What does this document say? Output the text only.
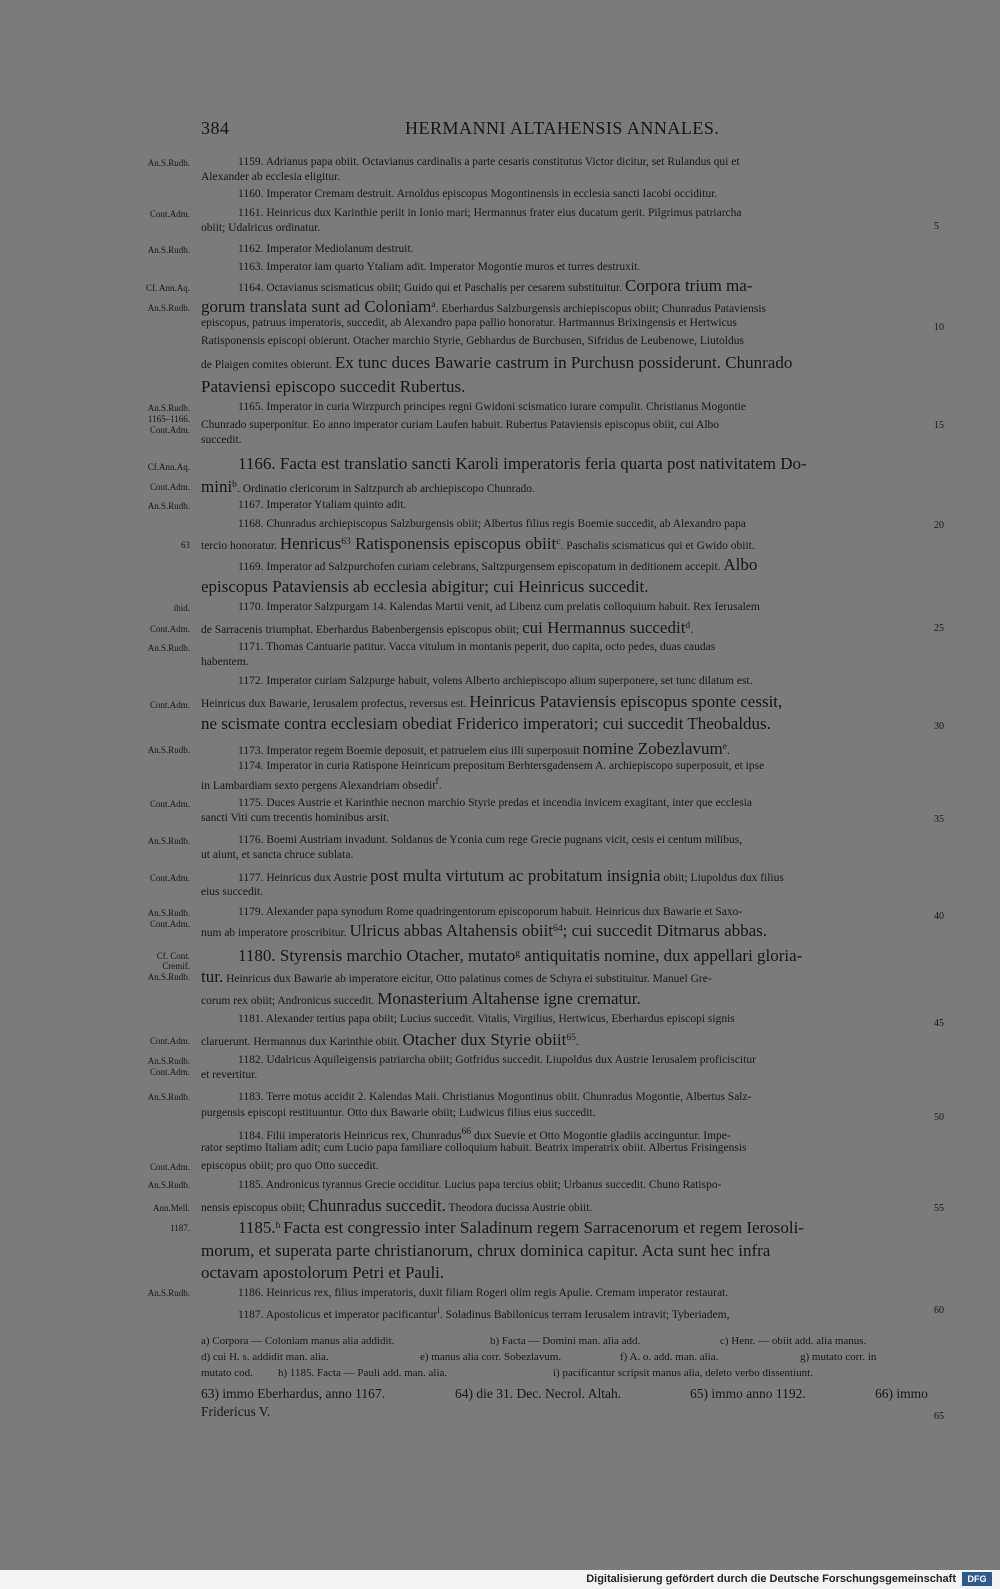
384	HERMANNI ALTAHENSIS ANNALES.
An.S.Rudb.
Cont.Adm.
An.S.Rudb.
Cf. Ann.Aq.
An.S.Rudb.
An.S.Rudb.
1165–1166.
Cont.Adm.
Cf.Ann.Aq.
Cont.Adm.
An.S.Rudb.
63
ibid.
Cont.Adm.
An.S.Rudb.
Cont.Adm.
An.S.Rudb.
Cont.Adm.
An.S.Rudb.
Cont.Adm.
An.S.Rudb.
Cont.Adm.
Cf. Cont.
Cremif.
An.S.Rudb.
Cont.Adm.
An.S.Rudb.
Cont.Adm.
An.S.Rudb.
Cont.Adm.
An.S.Rudb.
Ann.Mell.
1187.
An.S.Rudb.
5
10
15
20
25
30
35
40
45
50
55
60
65
1159. Adrianus papa obiit. Octavianus cardinalis a parte cesaris constitutus Victor dicitur, set Rulandus qui et
Alexander ab ecclesia eligitur.
1160. Imperator Cremam destruit. Arnoldus episcopus Mogontinensis in ecclesia sancti Iacobi occiditur.
1161. Heinricus dux Karinthie periit in Ionio mari; Hermannus frater eius ducatum gerit. Pilgrimus patriarcha
obiit; Udalricus ordinatur.
1162. Imperator Mediolanum destruit.
1163. Imperator iam quarto Ytaliam adit. Imperator Mogontie muros et turres destruxit.
1164. Octavianus scismaticus obiit; Guido qui et Paschalis per cesarem substituitur. Corpora trium ma-
gorum translata sunt ad Coloniam$^a$. Eberhardus Salzburgensis archiepiscopus obiit; Chunradus Pataviensis
episcopus, patruus imperatoris, succedit, ab Alexandro papa pallio honoratur. Hartmannus Brixingensis et Hertwicus
Ratisponensis episcopi obierunt. Otacher marchio Styrie, Gebhardus de Burchusen, Sifridus de Leubenowe, Liutoldus
de Plaigen comites obierunt. Ex tunc duces Bawarie castrum in Purchusn possiderunt. Chunrado
Pataviensi episcopo succedit Rubertus.
1165. Imperator in curia Wirzpurch principes regni Gwidoni scismatico iurare compulit. Christianus Mogontie
Chunrado superponitur. Eo anno imperator curiam Laufen habuit. Rubertus Pataviensis episcopus obiit, cui Albo
succedit.
1166. Facta est translatio sancti Karoli imperatoris feria quarta post nativitatem Do-
mini$^b$. Ordinatio clericorum in Saltzpurch ab archiepiscopo Chunrado.
1167. Imperator Ytaliam quinto adit.
1168. Chunradus archiepiscopus Salzburgensis obiit; Albertus filius regis Boemie succedit, ab Alexandro papa
tercio honoratur. Henricus$^{63}$ Ratisponensis episcopus obiit$^c$. Paschalis scismaticus qui et Gwido obiit.
1169. Imperator ad Salzpurchofen curiam celebrans, Saltzpurgensem episcopatum in deditionem accepit. Albo
episcopus Pataviensis ab ecclesia abigitur; cui Heinricus succedit.
1170. Imperator Salzpurgam 14. Kalendas Martii venit, ad Libenz cum prelatis colloquium habuit. Rex Ierusalem
de Sarracenis triumphat. Eberhardus Babenbergensis episcopus obiit; cui Hermannus succedit$^d$.
1171. Thomas Cantuarie patitur. Vacca vitulum in montanis peperit, duo capita, octo pedes, duas caudas
habentem.
1172. Imperator curiam Salzpurge habuit, volens Alberto archiepiscopo alium superponere, set tunc dilatum est.
Heinricus dux Bawarie, Ierusalem profectus, reversus est. Heinricus Pataviensis episcopus sponte cessit,
ne scismate contra ecclesiam obediat Friderico imperatori; cui succedit Theobaldus.
1173. Imperator regem Boemie deposuit, et patruelem eius illi superposuit nomine Zobezlavum$^e$.
1174. Imperator in curia Ratispone Heinricum prepositum Berhtersgadensem A. archiepiscopo superposuit, et ipse
in Lambardiam sexto pergens Alexandriam obsedit$^f$.
1175. Duces Austrie et Karinthie necnon marchio Styrie predas et incendia invicem exagitant, inter que ecclesia
sancti Viti cum trecentis hominibus arsit.
1176. Boemi Austriam invadunt. Soldanus de Yconia cum rege Grecie pugnans vicit, cesis ei centum milibus,
ut aiunt, et sancta chruce sublata.
1177. Heinricus dux Austrie post multa virtutum ac probitatum insignia obiit; Liupoldus dux filius
eius succedit.
1179. Alexander papa synodum Rome quadringentorum episcoporum habuit. Heinricus dux Bawarie et Saxo-
num ab imperatore proscribitur. Ulricus abbas Altahensis obiit$^{64}$; cui succedit Ditmarus abbas.
1180. Styrensis marchio Otacher, mutato$^g$ antiquitatis nomine, dux appellari gloria-
tur. Heinricus dux Bawarie ab imperatore eicitur, Otto palatinus comes de Schyra ei substituitur. Manuel Gre-
corum rex obiit; Andronicus succedit. Monasterium Altahense igne crematur.
1181. Alexander tertius papa obiit; Lucius succedit. Vitalis, Virgilius, Hertwicus, Eberhardus episcopi signis
claruerunt. Hermannus dux Karinthie obiit. Otacher dux Styrie obiit$^{65}$.
1182. Udalricus Aquileigensis patriarcha obiit; Gotfridus succedit. Liupoldus dux Austrie Ierusalem proficiscitur
et revertitur.
1183. Terre motus accidit 2. Kalendas Maii. Christianus Mogontinus obiit. Chunradus Mogontie, Albertus Salz-
purgensis episcopi restituuntur. Otto dux Bawarie obiit; Ludwicus filius eius succedit.
1184. Filii imperatoris Heinricus rex, Chunradus$^{66}$ dux Suevie et Otto Mogontie gladiis accinguntur. Impe-
rator septimo Italiam adit; cum Lucio papa familiare colloquium habuit. Beatrix imperatrix obiit. Albertus Frisingensis
episcopus obiit; pro quo Otto succedit.
1185. Andronicus tyrannus Grecie occiditur. Lucius papa tercius obiit; Urbanus succedit. Chuno Ratispo-
nensis episcopus obiit; Chunradus succedit. Theodora ducissa Austrie obiit.
1185.$^h$ Facta est congressio inter Saladinum regem Sarracenorum et regem Ierosoli-
morum, et superata parte christianorum, chrux dominica capitur. Acta sunt hec infra
octavam apostolorum Petri et Pauli.
1186. Heinricus rex, filius imperatoris, duxit filiam Rogeri olim regis Apulie. Cremam imperator restaurat.
1187. Apostolicus et imperator pacificantur$^i$. Soladinus Babilonicus terram Ierusalem intravit; Tyberiadem,
a) Corpora — Coloniam manus alia addidit.	b) Facta — Domini man. alia add.	c) Henr. — obiit add. alia manus.
d) cui H. s. addidit man. alia.	e) manus alia corr. Sobezlavum.	f) A. o. add. man. alia.	g) mutato corr. in
mutato cod. h) 1185. Facta — Pauli add. man. alia.	i) pacificantur scripsit manus alia, deleto verbo dissentiunt.
63) immo Eberhardus, anno 1167.	64) die 31. Dec. Necrol. Altah.	65) immo anno 1192.	66) immo
Fridericus V.
Digitalisierung gefördert durch die Deutsche Forschungsgemeinschaft	DFG
